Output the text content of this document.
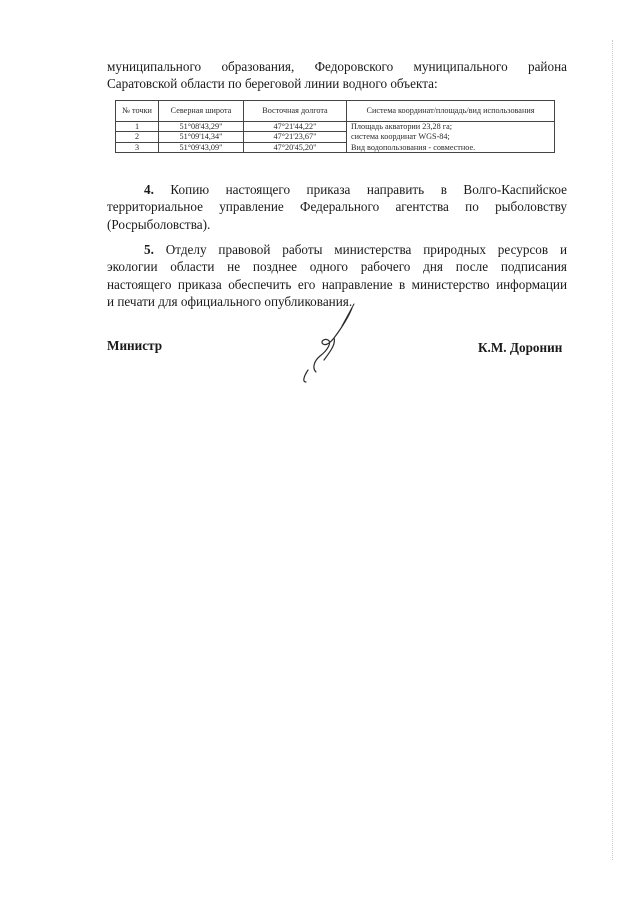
муниципального образования, Федоровского муниципального района
Саратовской области по береговой линии водного объекта:

№ точки	Северная широта	Восточная долгота	Система координат/площадь/вид использования
1	51°08'43,29"	47°21'44,22"	Площадь акватории 23,28 га;
2	51°09'14,34"	47°21'23,67"	система координат WGS-84;
3	51°09'43,09"	47°20'45,20"	Вид водопользования - совместное.

4. Копию настоящего приказа направить в Волго-Каспийское
территориальное управление Федерального агентства по рыболовству
(Росрыболовства).

5. Отделу правовой работы министерства природных ресурсов и
экологии области не позднее одного рабочего дня после подписания
настоящего приказа обеспечить его направление в министерство информации
и печати для официального опубликования.

Министр	К.М. Доронин
